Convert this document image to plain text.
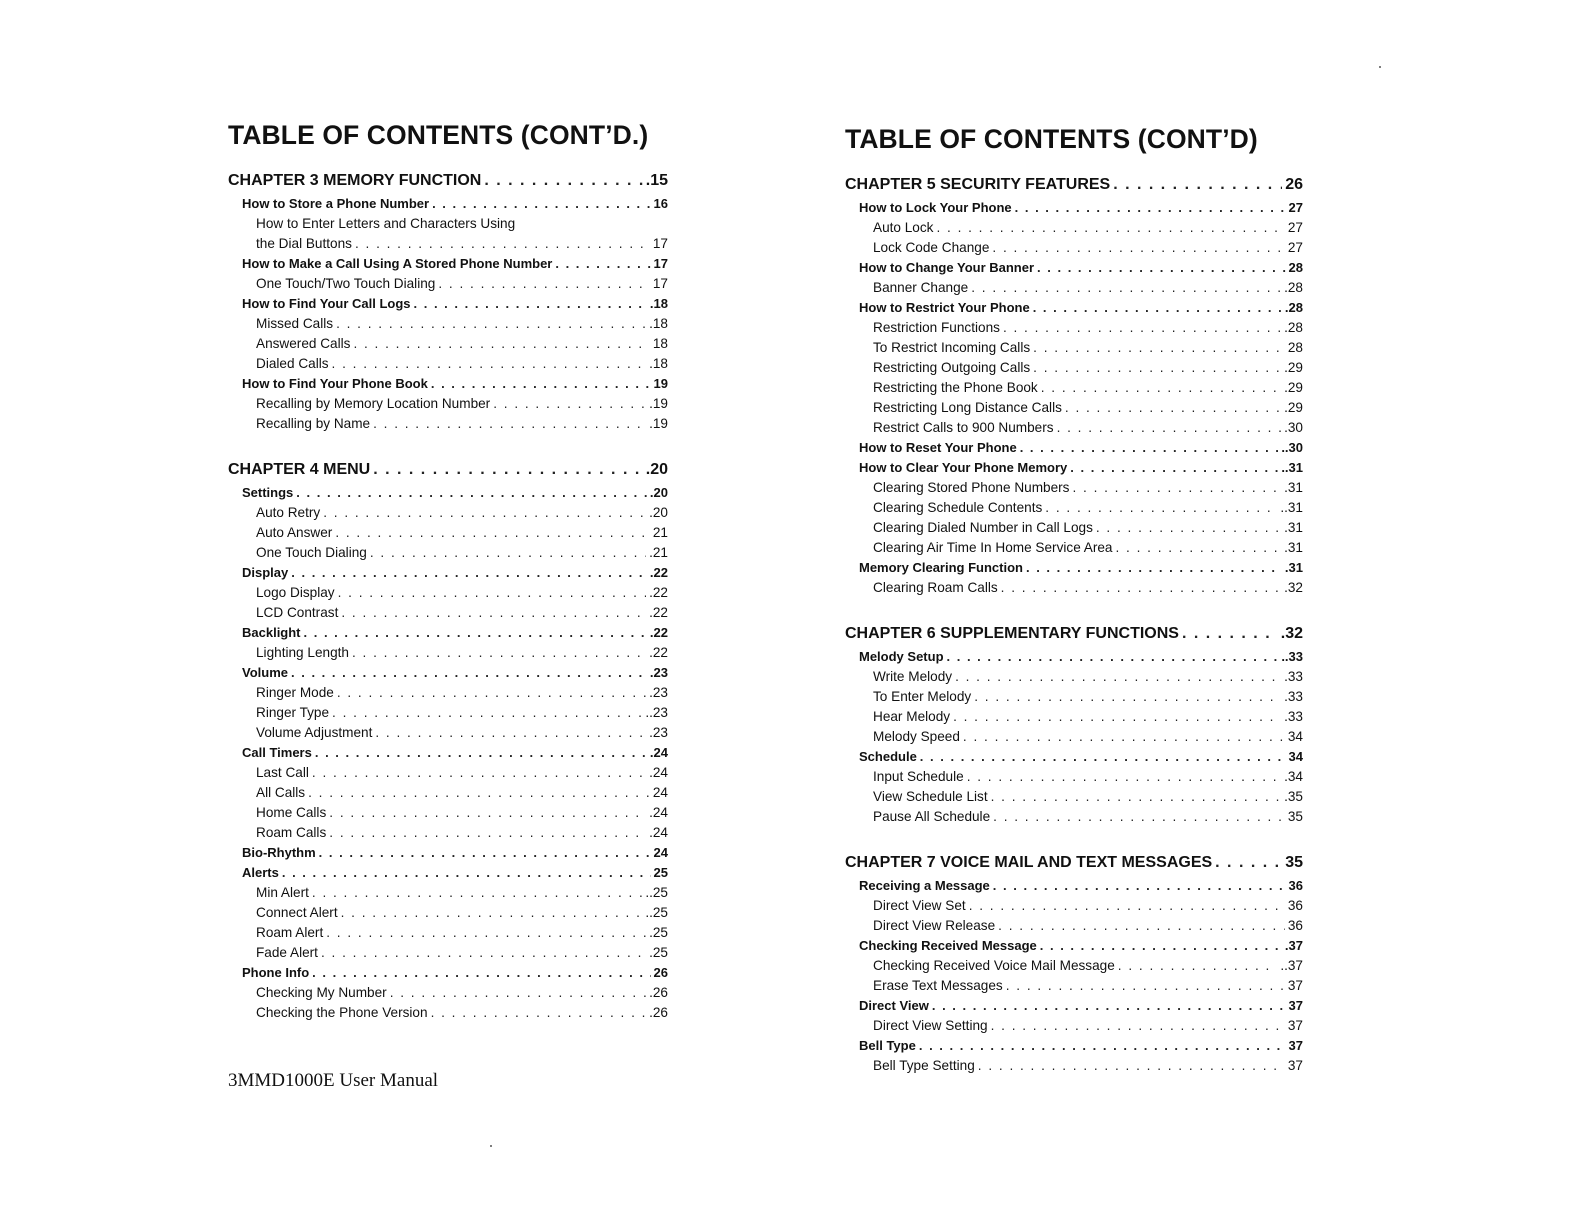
TABLE OF CONTENTS (CONT’D.)
CHAPTER 3 MEMORY FUNCTION . . .	.15
How to Store a Phone Number . . .	16
How to Enter Letters and Characters Using
the Dial Buttons . . .	17
How to Make a Call Using A Stored Phone Number . . .	17
One Touch/Two Touch Dialing . . .	17
How to Find Your Call Logs . . .	.18
Missed Calls . . .	.18
Answered Calls . . .	18
Dialed Calls . . .	.18
How to Find Your Phone Book . . .	19
Recalling by Memory Location Number . . .	.19
Recalling by Name . . .	.19
CHAPTER 4 MENU . . .	.20
Settings . . .	.20
Auto Retry . . .	.20
Auto Answer . . .	21
One Touch Dialing . . .	.21
Display . . .	.22
Logo Display . . .	.22
LCD Contrast . . .	.22
Backlight . . .	.22
Lighting Length . . .	.22
Volume . . .	.23
Ringer Mode . . .	.23
Ringer Type . . .	..23
Volume Adjustment . . .	.23
Call Timers . . .	.24
Last Call . . .	.24
All Calls . . .	24
Home Calls . . .	.24
Roam Calls . . .	.24
Bio-Rhythm . . .	24
Alerts . . .	25
Min Alert . . .	..25
Connect Alert . . .	..25
Roam Alert . . .	.25
Fade Alert . . .	.25
Phone Info . . .	26
Checking My Number . . .	.26
Checking the Phone Version . . .	.26
TABLE OF CONTENTS (CONT’D)
CHAPTER 5 SECURITY FEATURES . . .	26
How to Lock Your Phone . . .	27
Auto Lock . . .	27
Lock Code Change . . .	27
How to Change Your Banner . . .	28
Banner Change . . .	.28
How to Restrict Your Phone . . .	.28
Restriction Functions . . .	.28
To Restrict Incoming Calls . . .	28
Restricting Outgoing Calls . . .	.29
Restricting the Phone Book . . .	.29
Restricting Long Distance Calls . . .	.29
Restrict Calls to 900 Numbers . . .	.30
How to Reset Your Phone . . .	..30
How to Clear Your Phone Memory . . .	..31
Clearing Stored Phone Numbers . . .	.31
Clearing Schedule Contents . . .	..31
Clearing Dialed Number in Call Logs . . .	.31
Clearing Air Time In Home Service Area . . .	.31
Memory Clearing Function . . .	.31
Clearing Roam Calls . . .	.32
CHAPTER 6 SUPPLEMENTARY FUNCTIONS . . .	.32
Melody Setup . . .	..33
Write Melody . . .	.33
To Enter Melody . . .	.33
Hear Melody . . .	.33
Melody Speed . . .	34
Schedule . . .	34
Input Schedule . . .	.34
View Schedule List . . .	.35
Pause All Schedule . . .	35
CHAPTER 7 VOICE MAIL AND TEXT MESSAGES . . .	35
Receiving a Message . . .	36
Direct View Set . . .	36
Direct View Release . . .	36
Checking Received Message . . .	.37
Checking Received Voice Mail Message . . .	..37
Erase Text Messages . . .	37
Direct View . . .	37
Direct View Setting . . .	37
Bell Type . . .	37
Bell Type Setting . . .	37
3MMD1000E User Manual
